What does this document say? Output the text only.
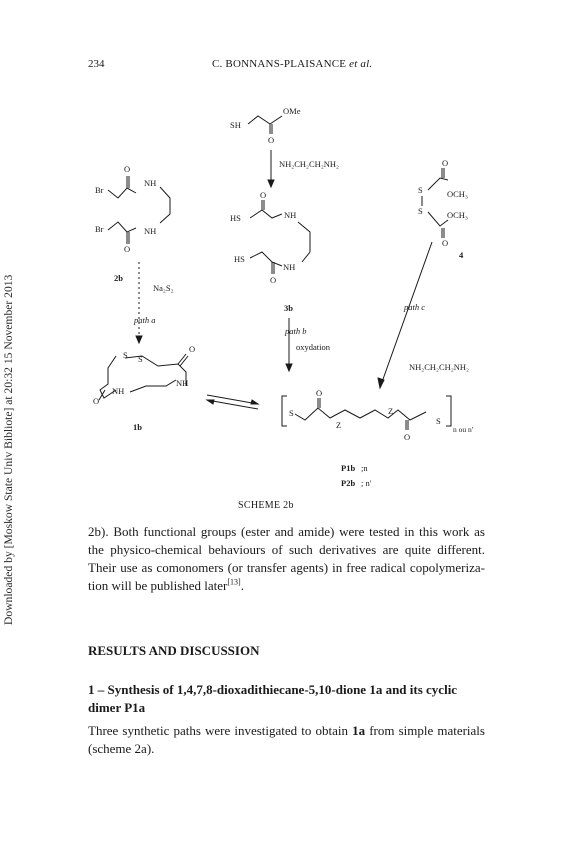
234	C. BONNANS-PLAISANCE et al.
Downloaded by [Moskow State Univ Bibliote] at 20:32 15 November 2013
SH
OMe
O
NH₂CH₂CH₂NH₂
O
Br
NH
Br	NH
O
2b
Na₂S₂
path a
S S
O
NH
O
NH
1b
O
HS	NH
HS
NH
O
3b
path b
oxydation
O
S	OCH₃
S	OCH₃
O
4
path c
NH₂CH₂CH₂NH₂
S
O
Z
Z
O
S
n ou n'
P1b ;n
P2b ; n'
SCHEME 2b
2b). Both functional groups (ester and amide) were tested in this work as the physico-chemical behaviours of such derivatives are quite different. Their use as comonomers (or transfer agents) in free radical copolymeriza-tion will be published later[13].
RESULTS AND DISCUSSION
1 – Synthesis of 1,4,7,8-dioxadithiecane-5,10-dione 1a and its cyclic dimer P1a
Three synthetic paths were investigated to obtain 1a from simple materials (scheme 2a).
